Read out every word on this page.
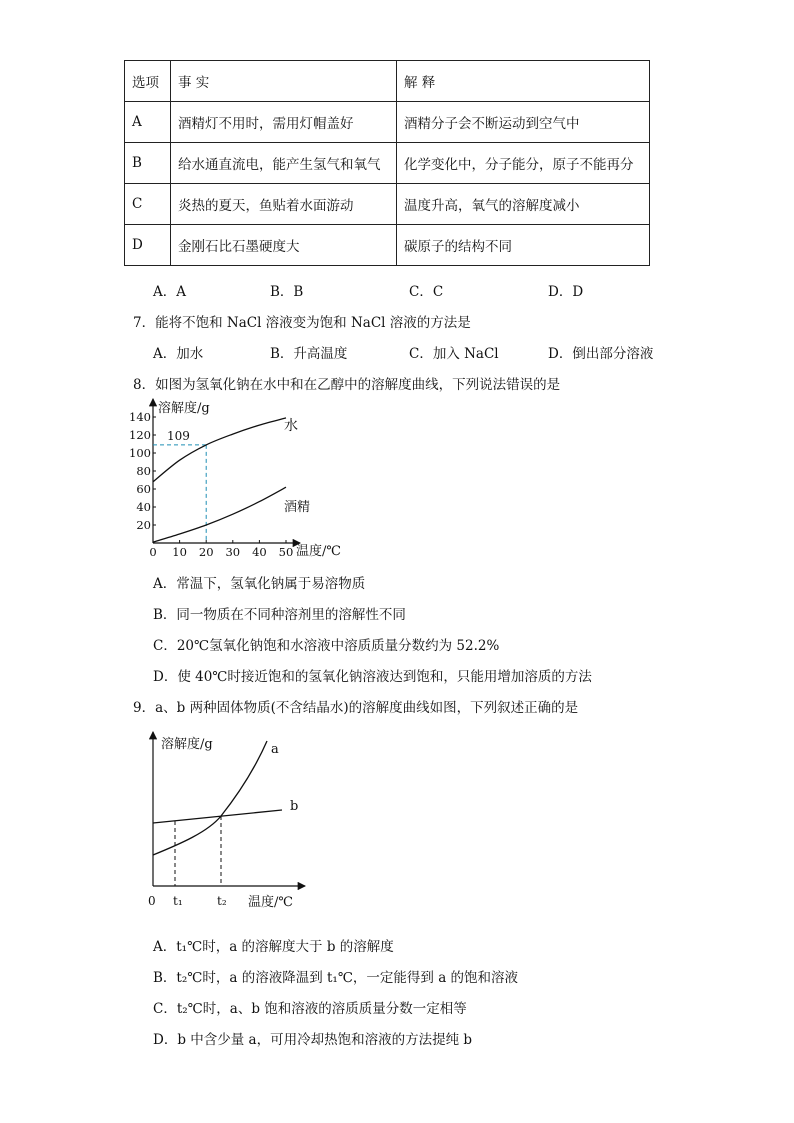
选项	事 实	解 释
A	酒精灯不用时，需用灯帽盖好	酒精分子会不断运动到空气中
B	给水通直流电，能产生氢气和氧气	化学变化中，分子能分，原子不能再分
C	炎热的夏天，鱼贴着水面游动	温度升高，氧气的溶解度减小
D	金刚石比石墨硬度大	碳原子的结构不同
A．A	B．B	C．C	D．D
7．能将不饱和 NaCl 溶液变为饱和 NaCl 溶液的方法是
A．加水	B．升高温度	C．加入 NaCl	D．倒出部分溶液
8．如图为氢氧化钠在水中和在乙醇中的溶解度曲线，下列说法错误的是
溶解度/g
温度/℃
0 10 20 30 40 50
20
40
60
80
100
120
140
109
水
酒精
A．常温下，氢氧化钠属于易溶物质
B．同一物质在不同种溶剂里的溶解性不同
C．20℃氢氧化钠饱和水溶液中溶质质量分数约为 52.2%
D．使 40℃时接近饱和的氢氧化钠溶液达到饱和，只能用增加溶质的方法
9．a、b 两种固体物质(不含结晶水)的溶解度曲线如图，下列叙述正确的是
溶解度/g
温度/℃
0 t₁	t₂
a
b
A．t₁℃时，a 的溶解度大于 b 的溶解度
B．t₂℃时，a 的溶液降温到 t₁℃，一定能得到 a 的饱和溶液
C．t₂℃时，a、b 饱和溶液的溶质质量分数一定相等
D．b 中含少量 a，可用冷却热饱和溶液的方法提纯 b
